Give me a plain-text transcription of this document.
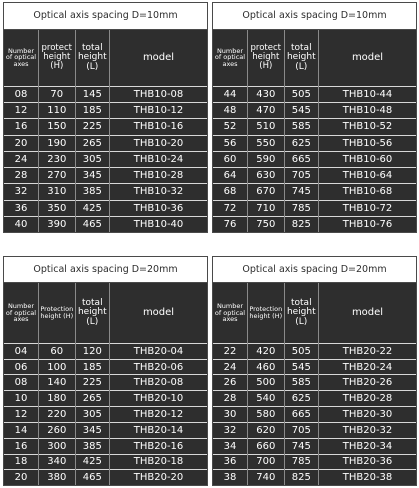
Optical axis spacing D=10mm			
Number of optical axes	protect height (H)	total height (L)	model
08	70	145	THB10-08
12	110	185	THB10-12
16	150	225	THB10-16
20	190	265	THB10-20
24	230	305	THB10-24
28	270	345	THB10-28
32	310	385	THB10-32
36	350	425	THB10-36
40	390	465	THB10-40
Optical axis spacing D=10mm			
Number of optical axes	protect height (H)	total height (L)	model
44	430	505	THB10-44
48	470	545	THB10-48
52	510	585	THB10-52
56	550	625	THB10-56
60	590	665	THB10-60
64	630	705	THB10-64
68	670	745	THB10-68
72	710	785	THB10-72
76	750	825	THB10-76
Optical axis spacing D=20mm			
Number of optical axes	Protection height (H)	total height (L)	model
04	60	120	THB20-04
06	100	185	THB20-06
08	140	225	THB20-08
10	180	265	THB20-10
12	220	305	THB20-12
14	260	345	THB20-14
16	300	385	THB20-16
18	340	425	THB20-18
20	380	465	THB20-20
Optical axis spacing D=20mm			
Number of optical axes	Protection height (H)	total height (L)	model
22	420	505	THB20-22
24	460	545	THB20-24
26	500	585	THB20-26
28	540	625	THB20-28
30	580	665	THB20-30
32	620	705	THB20-32
34	660	745	THB20-34
36	700	785	THB20-36
38	740	825	THB20-38
